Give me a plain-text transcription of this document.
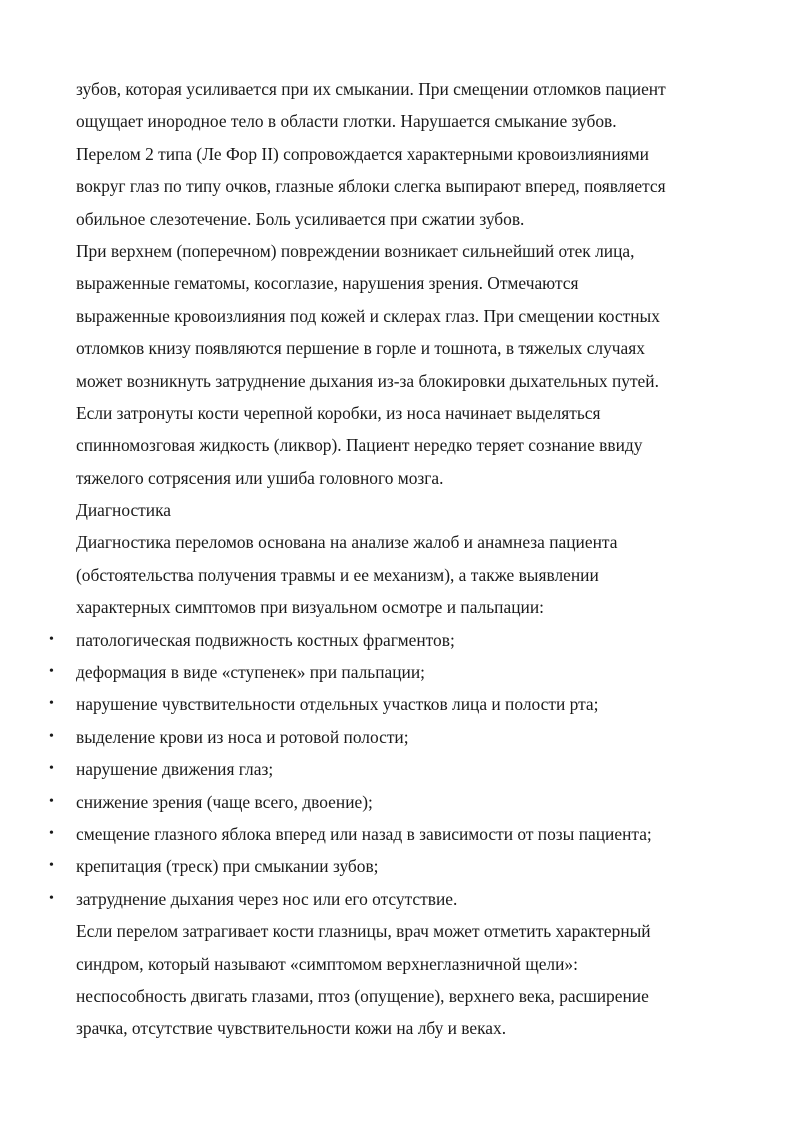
зубов, которая усиливается при их смыкании. При смещении отломков пациент
ощущает инородное тело в области глотки. Нарушается смыкание зубов.
Перелом 2 типа (Ле Фор II) сопровождается характерными кровоизлияниями
вокруг глаз по типу очков, глазные яблоки слегка выпирают вперед, появляется
обильное слезотечение. Боль усиливается при сжатии зубов.
При верхнем (поперечном) повреждении возникает сильнейший отек лица,
выраженные гематомы, косоглазие, нарушения зрения. Отмечаются
выраженные кровоизлияния под кожей и склерах глаз. При смещении костных
отломков книзу появляются першение в горле и тошнота, в тяжелых случаях
может возникнуть затруднение дыхания из-за блокировки дыхательных путей.
Если затронуты кости черепной коробки, из носа начинает выделяться
спинномозговая жидкость (ликвор). Пациент нередко теряет сознание ввиду
тяжелого сотрясения или ушиба головного мозга.
Диагностика
Диагностика переломов основана на анализе жалоб и анамнеза пациента
(обстоятельства получения травмы и ее механизм), а также выявлении
характерных симптомов при визуальном осмотре и пальпации:
• патологическая подвижность костных фрагментов;
• деформация в виде «ступенек» при пальпации;
• нарушение чувствительности отдельных участков лица и полости рта;
• выделение крови из носа и ротовой полости;
• нарушение движения глаз;
• снижение зрения (чаще всего, двоение);
• смещение глазного яблока вперед или назад в зависимости от позы пациента;
• крепитация (треск) при смыкании зубов;
• затруднение дыхания через нос или его отсутствие.
Если перелом затрагивает кости глазницы, врач может отметить характерный
синдром, который называют «симптомом верхнеглазничной щели»:
неспособность двигать глазами, птоз (опущение), верхнего века, расширение
зрачка, отсутствие чувствительности кожи на лбу и веках.
